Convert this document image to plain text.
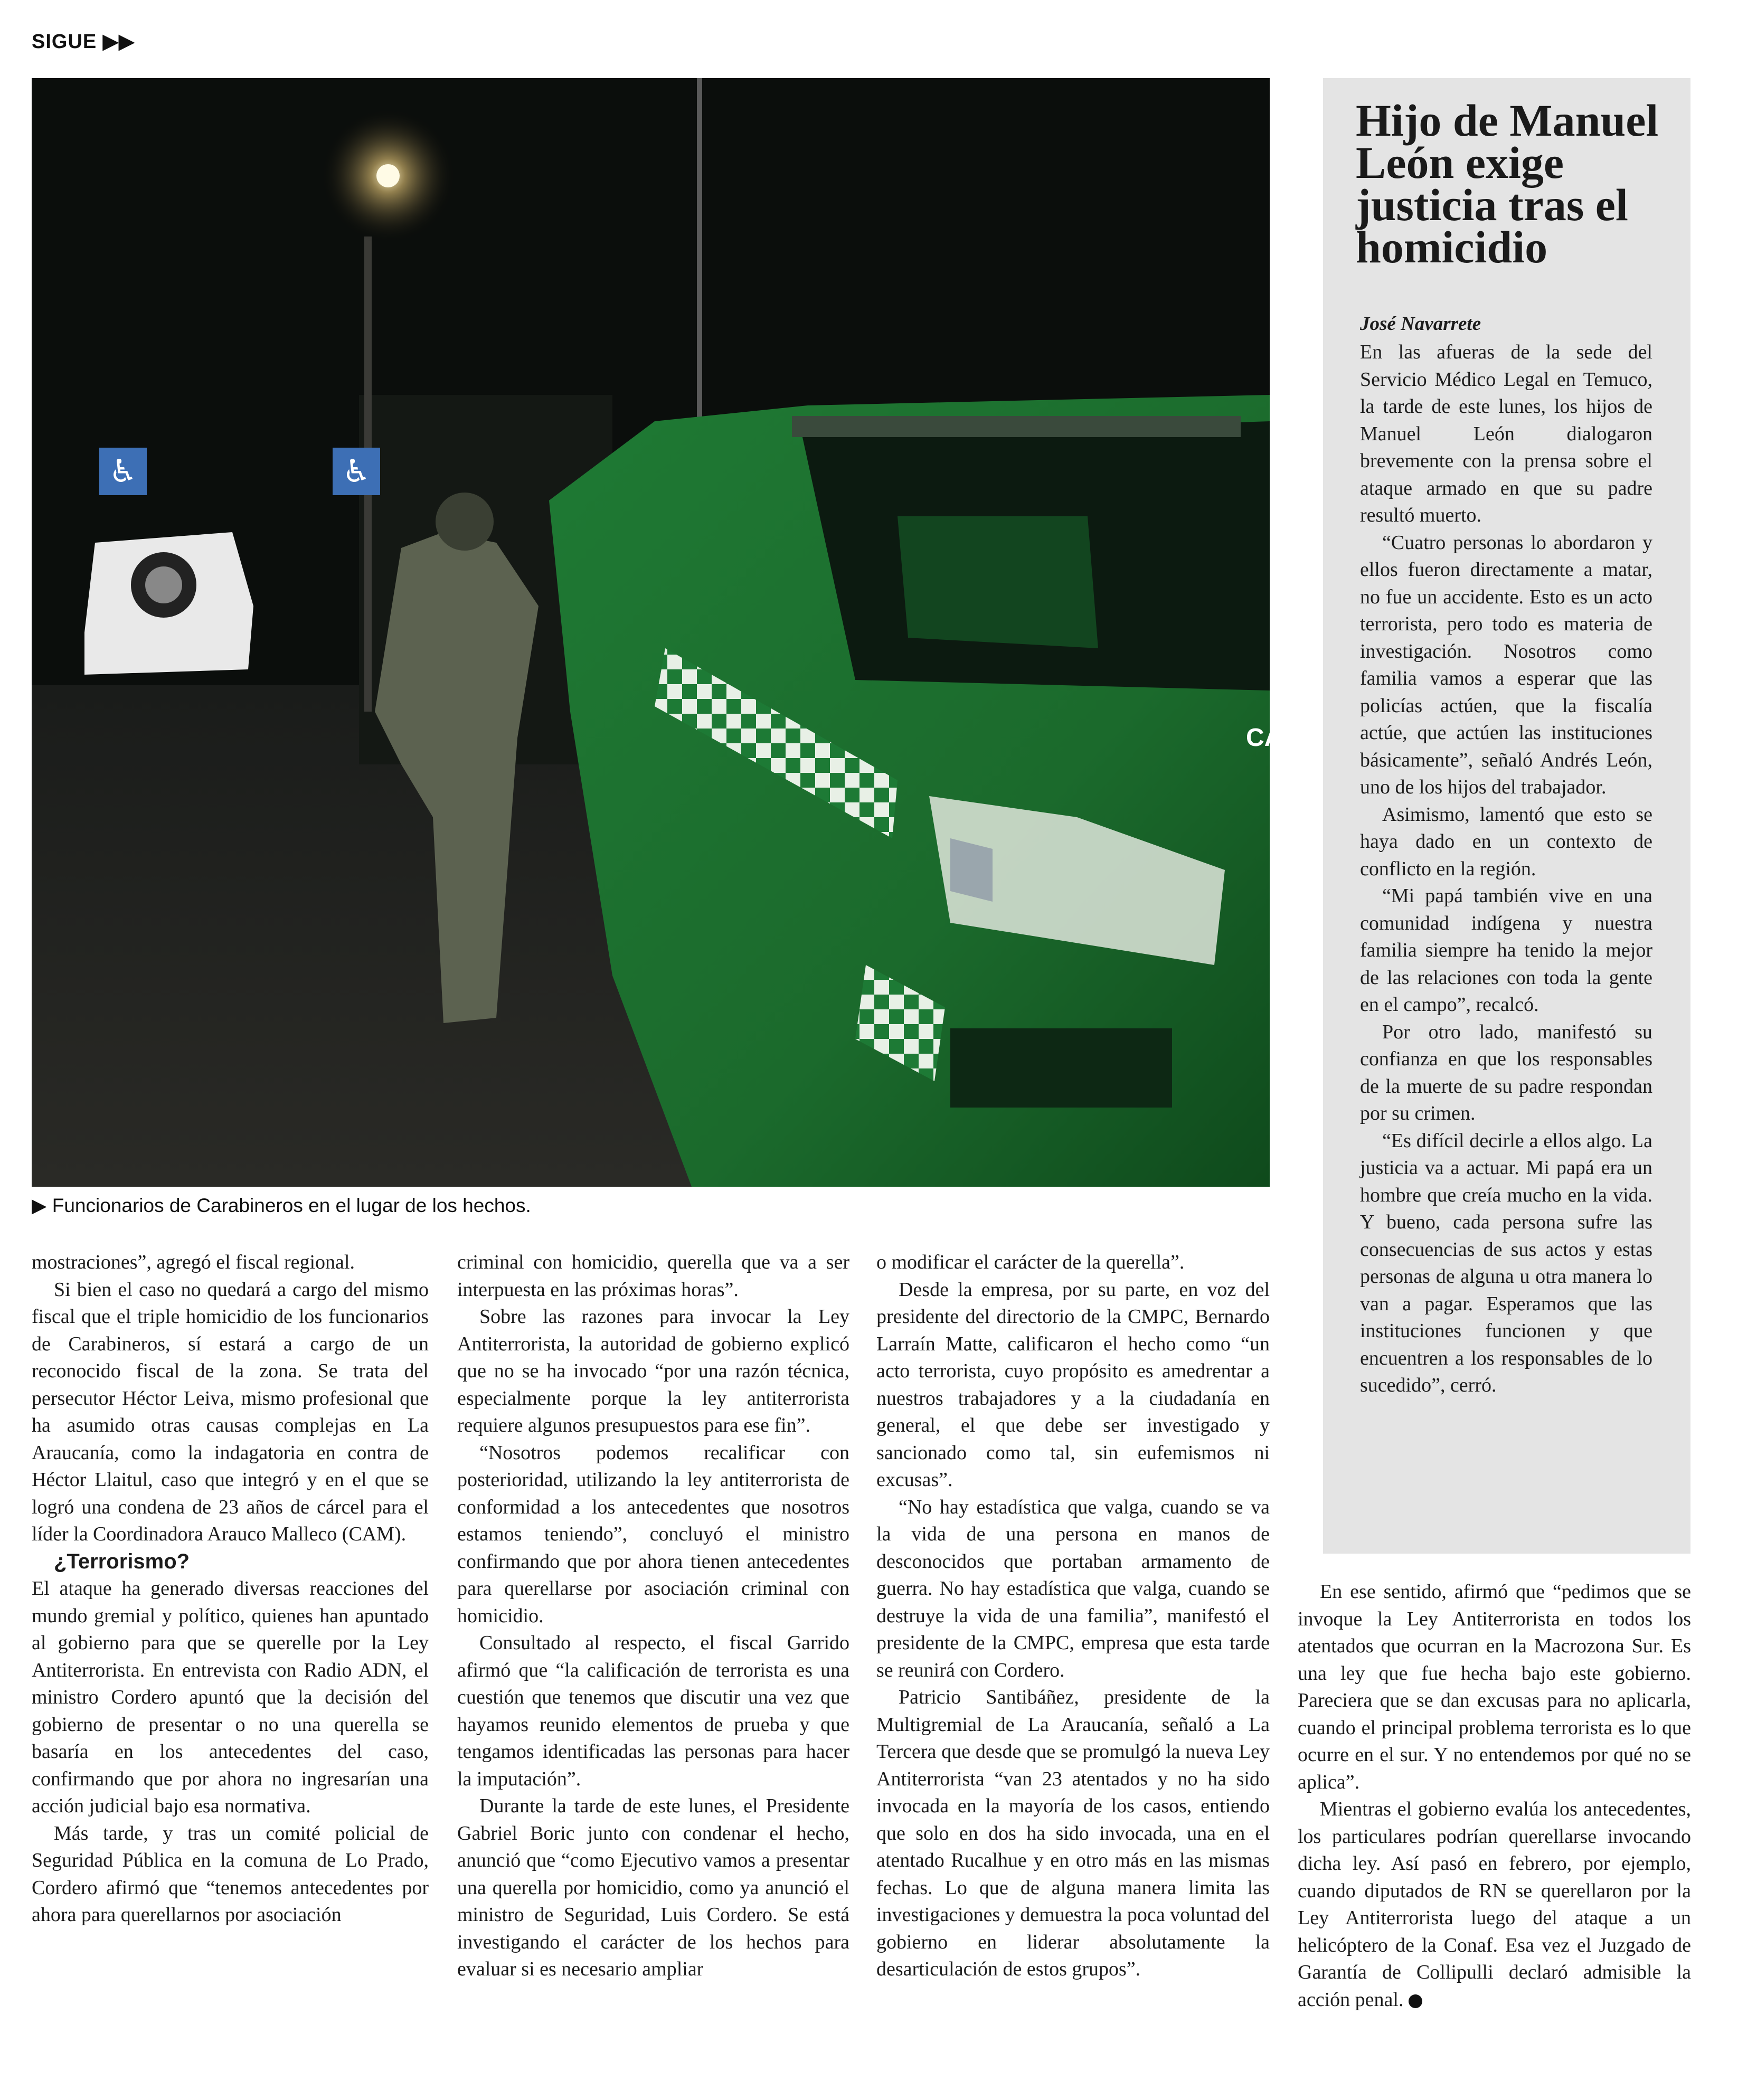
SIGUE ▶▶
♿	♿
CA
▶ Funcionarios de Carabineros en el lugar de los hechos.
Hijo de Manuel León exige justicia tras el homicidio
José Navarrete

En las afueras de la sede del Servicio Médico Legal en Temuco, la tarde de este lunes, los hijos de Manuel León dialogaron brevemente con la prensa sobre el ataque armado en que su padre resultó muerto.

“Cuatro personas lo abordaron y ellos fueron directamente a matar, no fue un accidente. Esto es un acto terrorista, pero todo es materia de investigación. Nosotros como familia vamos a esperar que las policías actúen, que la fiscalía actúe, que actúen las instituciones básicamente”, señaló Andrés León, uno de los hijos del trabajador.

Asimismo, lamentó que esto se haya dado en un contexto de conflicto en la región.

“Mi papá también vive en una comunidad indígena y nuestra familia siempre ha tenido la mejor de las relaciones con toda la gente en el campo”, recalcó.

Por otro lado, manifestó su confianza en que los responsables de la muerte de su padre respondan por su crimen.

“Es difícil decirle a ellos algo. La justicia va a actuar. Mi papá era un hombre que creía mucho en la vida. Y bueno, cada persona sufre las consecuencias de sus actos y estas personas de alguna u otra manera lo van a pagar. Esperamos que las instituciones funcionen y que encuentren a los responsables de lo sucedido”, cerró.

mostraciones”, agregó el fiscal regional.

Si bien el caso no quedará a cargo del mismo fiscal que el triple homicidio de los funcionarios de Carabineros, sí estará a cargo de un reconocido fiscal de la zona. Se trata del persecutor Héctor Leiva, mismo profesional que ha asumido otras causas complejas en La Araucanía, como la indagatoria en contra de Héctor Llaitul, caso que integró y en el que se logró una condena de 23 años de cárcel para el líder la Coordinadora Arauco Malleco (CAM).

¿Terrorismo?

El ataque ha generado diversas reacciones del mundo gremial y político, quienes han apuntado al gobierno para que se querelle por la Ley Antiterrorista. En entrevista con Radio ADN, el ministro Cordero apuntó que la decisión del gobierno de presentar o no una querella se basaría en los antecedentes del caso, confirmando que por ahora no ingresarían una acción judicial bajo esa normativa.

Más tarde, y tras un comité policial de Seguridad Pública en la comuna de Lo Prado, Cordero afirmó que “tenemos antecedentes por ahora para querellarnos por asociación

criminal con homicidio, querella que va a ser interpuesta en las próximas horas”.

Sobre las razones para invocar la Ley Antiterrorista, la autoridad de gobierno explicó que no se ha invocado “por una razón técnica, especialmente porque la ley antiterrorista requiere algunos presupuestos para ese fin”.

“Nosotros podemos recalificar con posterioridad, utilizando la ley antiterrorista de conformidad a los antecedentes que nosotros estamos teniendo”, concluyó el ministro confirmando que por ahora tienen antecedentes para querellarse por asociación criminal con homicidio.

Consultado al respecto, el fiscal Garrido afirmó que “la calificación de terrorista es una cuestión que tenemos que discutir una vez que hayamos reunido elementos de prueba y que tengamos identificadas las personas para hacer la imputación”.

Durante la tarde de este lunes, el Presidente Gabriel Boric junto con condenar el hecho, anunció que “como Ejecutivo vamos a presentar una querella por homicidio, como ya anunció el ministro de Seguridad, Luis Cordero. Se está investigando el carácter de los hechos para evaluar si es necesario ampliar

o modificar el carácter de la querella”.

Desde la empresa, por su parte, en voz del presidente del directorio de la CMPC, Bernardo Larraín Matte, calificaron el hecho como “un acto terrorista, cuyo propósito es amedrentar a nuestros trabajadores y a la ciudadanía en general, el que debe ser investigado y sancionado como tal, sin eufemismos ni excusas”.

“No hay estadística que valga, cuando se va la vida de una persona en manos de desconocidos que portaban armamento de guerra. No hay estadística que valga, cuando se destruye la vida de una familia”, manifestó el presidente de la CMPC, empresa que esta tarde se reunirá con Cordero.

Patricio Santibáñez, presidente de la Multigremial de La Araucanía, señaló a La Tercera que desde que se promulgó la nueva Ley Antiterrorista “van 23 atentados y no ha sido invocada en la mayoría de los casos, entiendo que solo en dos ha sido invocada, una en el atentado Rucalhue y en otro más en las mismas fechas. Lo que de alguna manera limita las investigaciones y demuestra la poca voluntad del gobierno en liderar absolutamente la desarticulación de estos grupos”.

En ese sentido, afirmó que “pedimos que se invoque la Ley Antiterrorista en todos los atentados que ocurran en la Macrozona Sur. Es una ley que fue hecha bajo este gobierno. Pareciera que se dan excusas para no aplicarla, cuando el principal problema terrorista es lo que ocurre en el sur. Y no entendemos por qué no se aplica”.

Mientras el gobierno evalúa los antecedentes, los particulares podrían querellarse invocando dicha ley. Así pasó en febrero, por ejemplo, cuando diputados de RN se querellaron por la Ley Antiterrorista luego del ataque a un helicóptero de la Conaf. Esa vez el Juzgado de Garantía de Collipulli declaró admisible la acción penal.
